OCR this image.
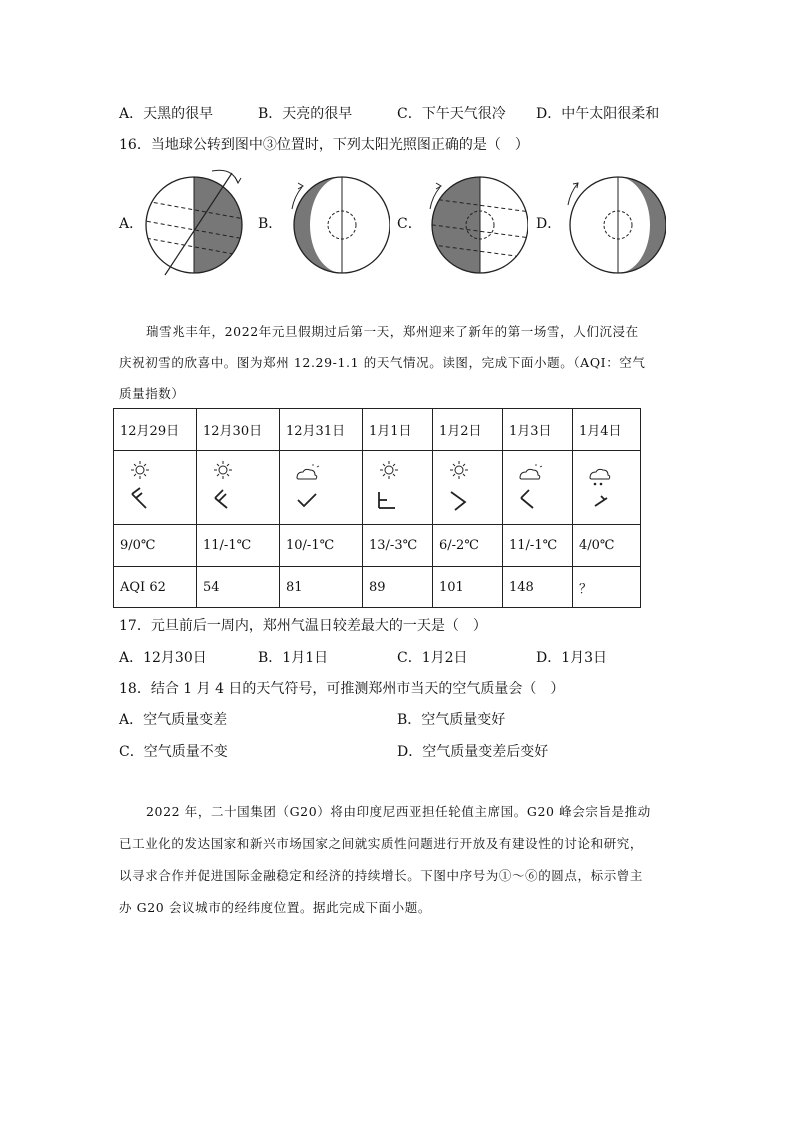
A．天黑的很早	B．天亮的很早	C．下午天气很冷 D．中午太阳很柔和
16．当地球公转到图中③位置时，下列太阳光照图正确的是（　）
A．	B．	C．	D．
瑞雪兆丰年，2022年元旦假期过后第一天，郑州迎来了新年的第一场雪，人们沉浸在
庆祝初雪的欣喜中。图为郑州 12.29-1.1 的天气情况。读图，完成下面小题。（AQI：空气
质量指数）
12月29日	12月30日	12月31日	1月1日	1月2日	1月3日	1月4日

9/0℃	11/-1℃	10/-1℃	13/-3℃	6/-2℃	11/-1℃	4/0℃
AQI 62	54	81	89	101	148	？
17．元旦前后一周内，郑州气温日较差最大的一天是（　）
A．12月30日	B．1月1日	C．1月2日	D．1月3日
18．结合 1 月 4 日的天气符号，可推测郑州市当天的空气质量会（　）
A．空气质量变差	B．空气质量变好
C．空气质量不变	D．空气质量变差后变好
2022 年，二十国集团（G20）将由印度尼西亚担任轮值主席国。G20 峰会宗旨是推动
已工业化的发达国家和新兴市场国家之间就实质性问题进行开放及有建设性的讨论和研究，
以寻求合作并促进国际金融稳定和经济的持续增长。下图中序号为①～⑥的圆点，标示曾主
办 G20 会议城市的经纬度位置。据此完成下面小题。
